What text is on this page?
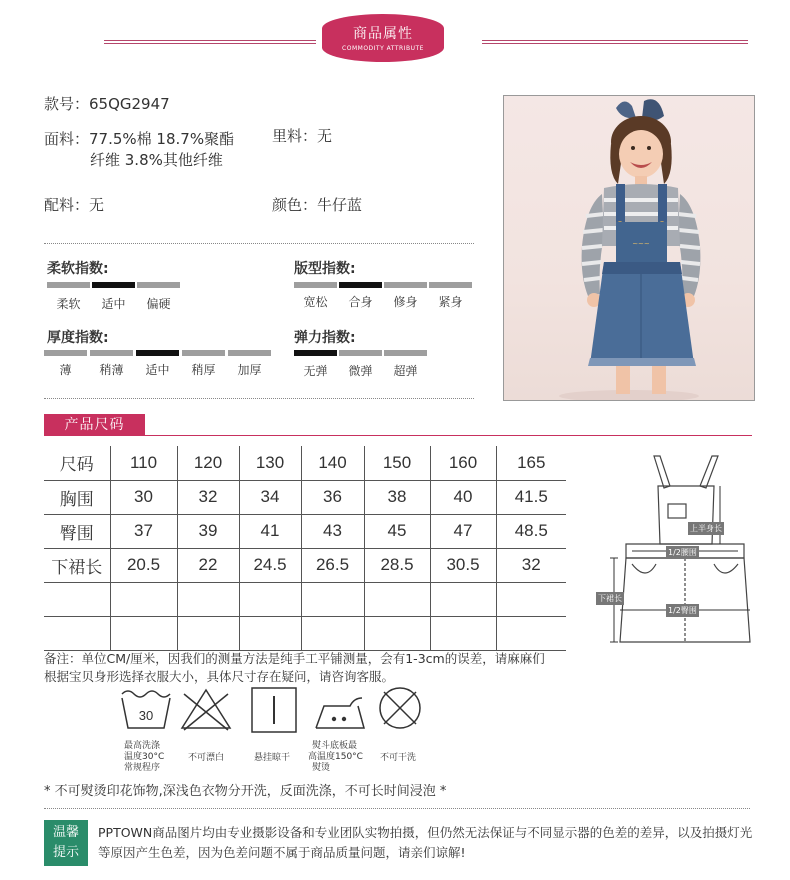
商品属性
COMMODITY ATTRIBUTE
款号：65QG2947
面料：77.5%棉 18.7%聚酯
纤维 3.8%其他纤维
里料：无
配料：无	颜色：牛仔蓝
柔软指数:
柔软	适中	偏硬
版型指数:
宽松	合身	修身	紧身
厚度指数:
薄	稍薄	适中	稍厚	加厚
弹力指数:
无弹	微弹	超弹
~~~
产品尺码
尺码	110	120	130	140	150	160	165
胸围	30	32	34	36	38	40	41.5
臀围	37	39	41	43	45	47	48.5
下裙长	20.5	22	24.5	26.5	28.5	30.5	32

上半身长
1/2腰围
下裙长
1/2臀围
备注：单位CM/厘米，因我们的测量方法是纯手工平铺测量，会有1-3cm的误差，请麻麻们
根据宝贝身形选择衣服大小，具体尺寸存在疑问，请咨询客服。
30
最高洗涤
温度30°C
常规程序
不可漂白	悬挂晾干
熨斗底板最
高温度150°C
熨烫
不可干洗
* 不可熨烫印花饰物,深浅色衣物分开洗，反面洗涤，不可长时间浸泡 *
温馨
提示
PPTOWN商品图片均由专业摄影设备和专业团队实物拍摄，但仍然无法保证与不同显示器的色差的差异，以及拍摄灯光
等原因产生色差，因为色差问题不属于商品质量问题，请亲们谅解!
